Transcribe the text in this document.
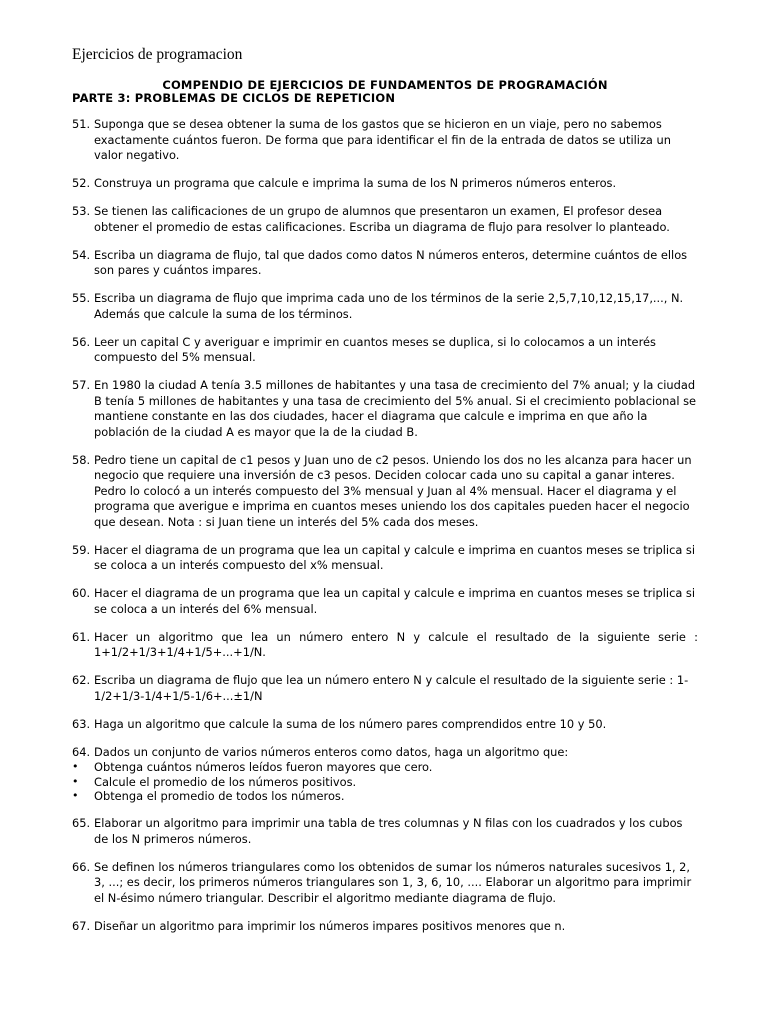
Ejercicios de programacion
COMPENDIO DE EJERCICIOS DE FUNDAMENTOS DE PROGRAMACIÓN
PARTE 3: PROBLEMAS DE CICLOS DE REPETICION
51. Suponga que se desea obtener la suma de los gastos que se hicieron en un viaje, pero no sabemos exactamente cuántos fueron. De forma que para identificar el fin de la entrada de datos se utiliza un valor negativo.

52. Construya un programa que calcule e imprima la suma de los N primeros números enteros.

53. Se tienen las calificaciones de un grupo de alumnos que presentaron un examen, El profesor desea obtener el promedio de estas calificaciones. Escriba un diagrama de flujo para resolver lo planteado.

54. Escriba un diagrama de flujo, tal que dados como datos N números enteros, determine cuántos de ellos son pares y cuántos impares.

55. Escriba un diagrama de flujo que imprima cada uno de los términos de la serie 2,5,7,10,12,15,17,..., N. Además que calcule la suma de los términos.

56. Leer un capital C y averiguar e imprimir en cuantos meses se duplica, si lo colocamos a un interés compuesto del 5% mensual.

57. En 1980 la ciudad A tenía 3.5 millones de habitantes y una tasa de crecimiento del 7% anual; y la ciudad B tenía 5 millones de habitantes y una tasa de crecimiento del 5% anual. Si el crecimiento poblacional se mantiene constante en las dos ciudades, hacer el diagrama que calcule e imprima en que año la población de la ciudad A es mayor que la de la ciudad B.

58. Pedro tiene un capital de c1 pesos y Juan uno de c2 pesos. Uniendo los dos no les alcanza para hacer un negocio que requiere una inversión de c3 pesos. Deciden colocar cada uno su capital a ganar interes. Pedro lo colocó a un interés compuesto del 3% mensual y Juan al 4% mensual. Hacer el diagrama y el programa que averigue e imprima en cuantos meses uniendo los dos capitales pueden hacer el negocio que desean. Nota : si Juan tiene un interés del 5% cada dos meses.

59. Hacer el diagrama de un programa que lea un capital y calcule e imprima en cuantos meses se triplica si se coloca a un interés compuesto del x% mensual.

60. Hacer el diagrama de un programa que lea un capital y calcule e imprima en cuantos meses se triplica si se coloca a un interés del 6% mensual.

61. Hacer un algoritmo que lea un número entero N y calcule el resultado de la siguiente serie : 1+1/2+1/3+1/4+1/5+...+1/N.

62. Escriba un diagrama de flujo que lea un número entero N y calcule el resultado de la siguiente serie : 1-1/2+1/3-1/4+1/5-1/6+...±1/N

63. Haga un algoritmo que calcule la suma de los número pares comprendidos entre 10 y 50.

64. Dados un conjunto de varios números enteros como datos, haga un algoritmo que:

•	Obtenga cuántos números leídos fueron mayores que cero.
•	Calcule el promedio de los números positivos.
•	Obtenga el promedio de todos los números.
65. Elaborar un algoritmo para imprimir una tabla de tres columnas y N filas con los cuadrados y los cubos de los N primeros números.

66. Se definen los números triangulares como los obtenidos de sumar los números naturales sucesivos 1, 2, 3, ...; es decir, los primeros números triangulares son 1, 3, 6, 10, .... Elaborar un algoritmo para imprimir el N-ésimo número triangular. Describir el algoritmo mediante diagrama de flujo.

67. Diseñar un algoritmo para imprimir los números impares positivos menores que n.
